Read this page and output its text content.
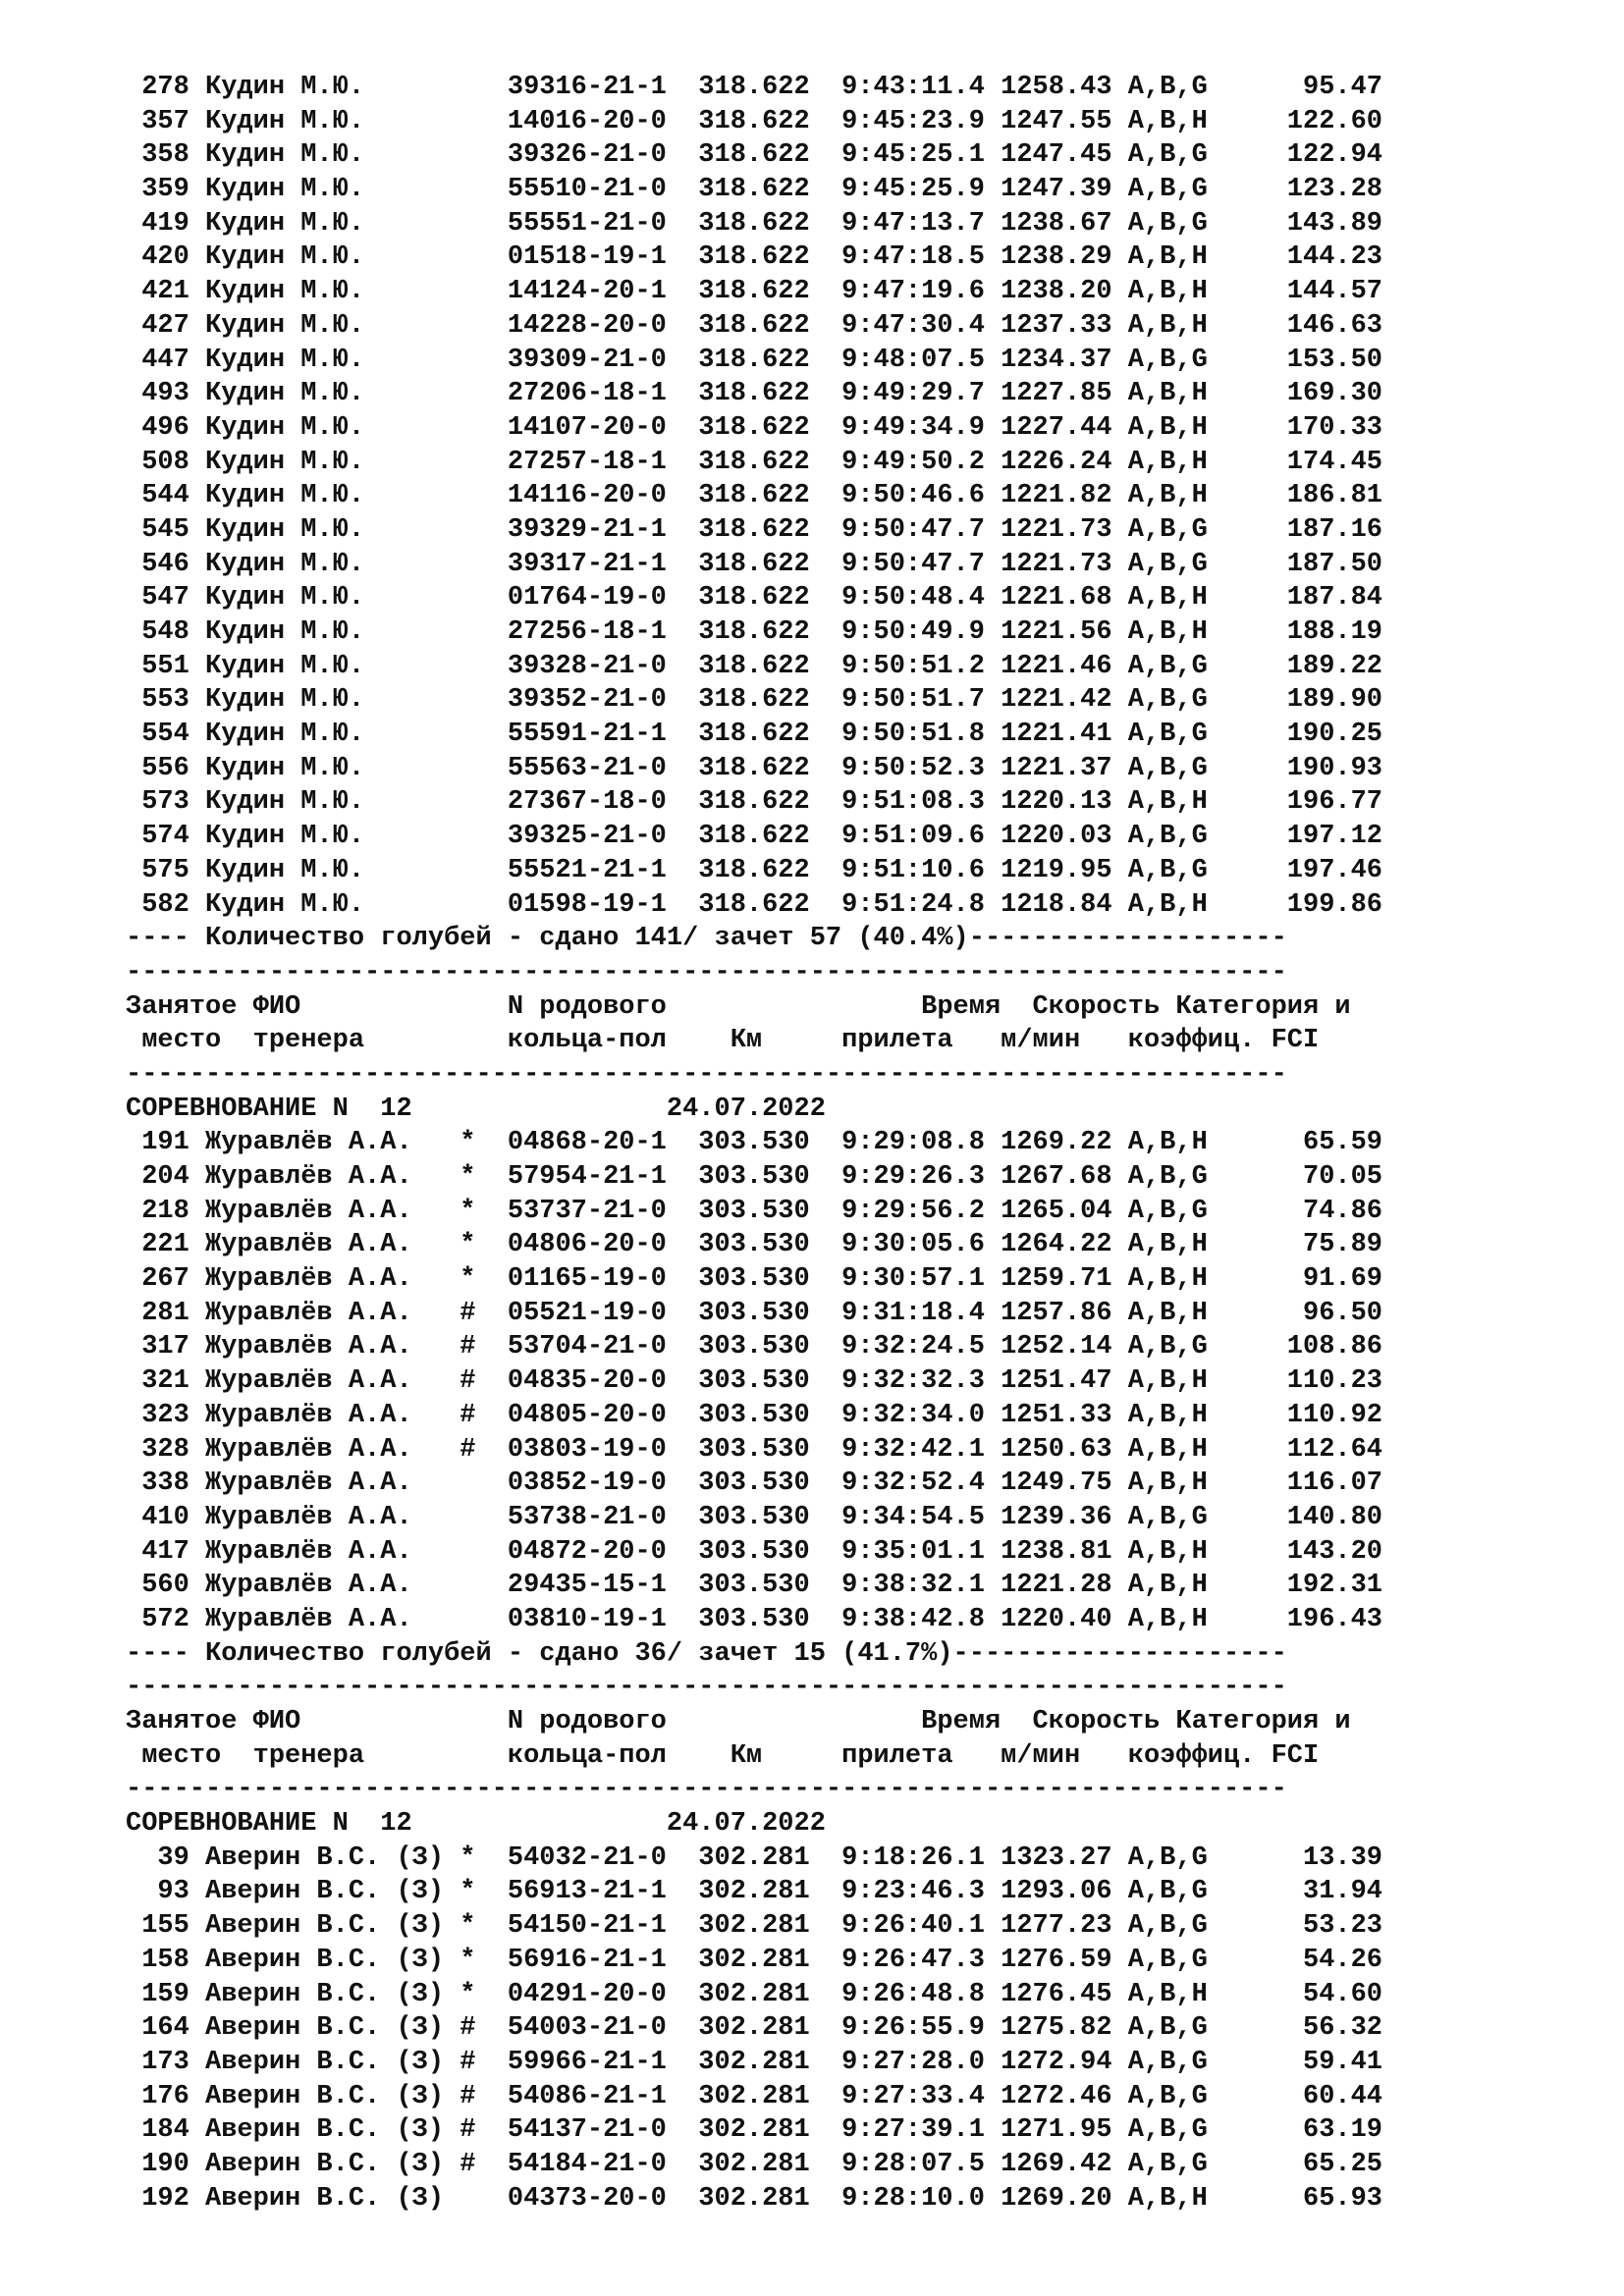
278 Кудин М.Ю.         39316-21-1  318.622  9:43:11.4 1258.43 A,B,G      95.47
357 Кудин М.Ю.         14016-20-0  318.622  9:45:23.9 1247.55 A,B,H     122.60
358 Кудин М.Ю.         39326-21-0  318.622  9:45:25.1 1247.45 A,B,G     122.94
359 Кудин М.Ю.         55510-21-0  318.622  9:45:25.9 1247.39 A,B,G     123.28
419 Кудин М.Ю.         55551-21-0  318.622  9:47:13.7 1238.67 A,B,G     143.89
420 Кудин М.Ю.         01518-19-1  318.622  9:47:18.5 1238.29 A,B,H     144.23
421 Кудин М.Ю.         14124-20-1  318.622  9:47:19.6 1238.20 A,B,H     144.57
427 Кудин М.Ю.         14228-20-0  318.622  9:47:30.4 1237.33 A,B,H     146.63
447 Кудин М.Ю.         39309-21-0  318.622  9:48:07.5 1234.37 A,B,G     153.50
493 Кудин М.Ю.         27206-18-1  318.622  9:49:29.7 1227.85 A,B,H     169.30
496 Кудин М.Ю.         14107-20-0  318.622  9:49:34.9 1227.44 A,B,H     170.33
508 Кудин М.Ю.         27257-18-1  318.622  9:49:50.2 1226.24 A,B,H     174.45
544 Кудин М.Ю.         14116-20-0  318.622  9:50:46.6 1221.82 A,B,H     186.81
545 Кудин М.Ю.         39329-21-1  318.622  9:50:47.7 1221.73 A,B,G     187.16
546 Кудин М.Ю.         39317-21-1  318.622  9:50:47.7 1221.73 A,B,G     187.50
547 Кудин М.Ю.         01764-19-0  318.622  9:50:48.4 1221.68 A,B,H     187.84
548 Кудин М.Ю.         27256-18-1  318.622  9:50:49.9 1221.56 A,B,H     188.19
551 Кудин М.Ю.         39328-21-0  318.622  9:50:51.2 1221.46 A,B,G     189.22
553 Кудин М.Ю.         39352-21-0  318.622  9:50:51.7 1221.42 A,B,G     189.90
554 Кудин М.Ю.         55591-21-1  318.622  9:50:51.8 1221.41 A,B,G     190.25
556 Кудин М.Ю.         55563-21-0  318.622  9:50:52.3 1221.37 A,B,G     190.93
573 Кудин М.Ю.         27367-18-0  318.622  9:51:08.3 1220.13 A,B,H     196.77
574 Кудин М.Ю.         39325-21-0  318.622  9:51:09.6 1220.03 A,B,G     197.12
575 Кудин М.Ю.         55521-21-1  318.622  9:51:10.6 1219.95 A,B,G     197.46
582 Кудин М.Ю.         01598-19-1  318.622  9:51:24.8 1218.84 A,B,H     199.86
---- Количество голубей - сдано 141/ зачет 57 (40.4%)--------------------
-------------------------------------------------------------------------
Занятое ФИО             N родового                Время  Скорость Категория и
место  тренера         кольца-пол    Км     прилета   м/мин   коэффиц. FCI
-------------------------------------------------------------------------
СОРЕВНОВАНИЕ N  12                24.07.2022
191 Журавлёв А.А.   *  04868-20-1  303.530  9:29:08.8 1269.22 A,B,H      65.59
204 Журавлёв А.А.   *  57954-21-1  303.530  9:29:26.3 1267.68 A,B,G      70.05
218 Журавлёв А.А.   *  53737-21-0  303.530  9:29:56.2 1265.04 A,B,G      74.86
221 Журавлёв А.А.   *  04806-20-0  303.530  9:30:05.6 1264.22 A,B,H      75.89
267 Журавлёв А.А.   *  01165-19-0  303.530  9:30:57.1 1259.71 A,B,H      91.69
281 Журавлёв А.А.   #  05521-19-0  303.530  9:31:18.4 1257.86 A,B,H      96.50
317 Журавлёв А.А.   #  53704-21-0  303.530  9:32:24.5 1252.14 A,B,G     108.86
321 Журавлёв А.А.   #  04835-20-0  303.530  9:32:32.3 1251.47 A,B,H     110.23
323 Журавлёв А.А.   #  04805-20-0  303.530  9:32:34.0 1251.33 A,B,H     110.92
328 Журавлёв А.А.   #  03803-19-0  303.530  9:32:42.1 1250.63 A,B,H     112.64
338 Журавлёв А.А.      03852-19-0  303.530  9:32:52.4 1249.75 A,B,H     116.07
410 Журавлёв А.А.      53738-21-0  303.530  9:34:54.5 1239.36 A,B,G     140.80
417 Журавлёв А.А.      04872-20-0  303.530  9:35:01.1 1238.81 A,B,H     143.20
560 Журавлёв А.А.      29435-15-1  303.530  9:38:32.1 1221.28 A,B,H     192.31
572 Журавлёв А.А.      03810-19-1  303.530  9:38:42.8 1220.40 A,B,H     196.43
---- Количество голубей - сдано 36/ зачет 15 (41.7%)---------------------
-------------------------------------------------------------------------
Занятое ФИО             N родового                Время  Скорость Категория и
место  тренера         кольца-пол    Км     прилета   м/мин   коэффиц. FCI
-------------------------------------------------------------------------
СОРЕВНОВАНИЕ N  12                24.07.2022
39 Аверин В.С. (З) *  54032-21-0  302.281  9:18:26.1 1323.27 A,B,G      13.39
93 Аверин В.С. (З) *  56913-21-1  302.281  9:23:46.3 1293.06 A,B,G      31.94
155 Аверин В.С. (З) *  54150-21-1  302.281  9:26:40.1 1277.23 A,B,G      53.23
158 Аверин В.С. (З) *  56916-21-1  302.281  9:26:47.3 1276.59 A,B,G      54.26
159 Аверин В.С. (З) *  04291-20-0  302.281  9:26:48.8 1276.45 A,B,H      54.60
164 Аверин В.С. (З) #  54003-21-0  302.281  9:26:55.9 1275.82 A,B,G      56.32
173 Аверин В.С. (З) #  59966-21-1  302.281  9:27:28.0 1272.94 A,B,G      59.41
176 Аверин В.С. (З) #  54086-21-1  302.281  9:27:33.4 1272.46 A,B,G      60.44
184 Аверин В.С. (З) #  54137-21-0  302.281  9:27:39.1 1271.95 A,B,G      63.19
190 Аверин В.С. (З) #  54184-21-0  302.281  9:28:07.5 1269.42 A,B,G      65.25
192 Аверин В.С. (З)    04373-20-0  302.281  9:28:10.0 1269.20 A,B,H      65.93
